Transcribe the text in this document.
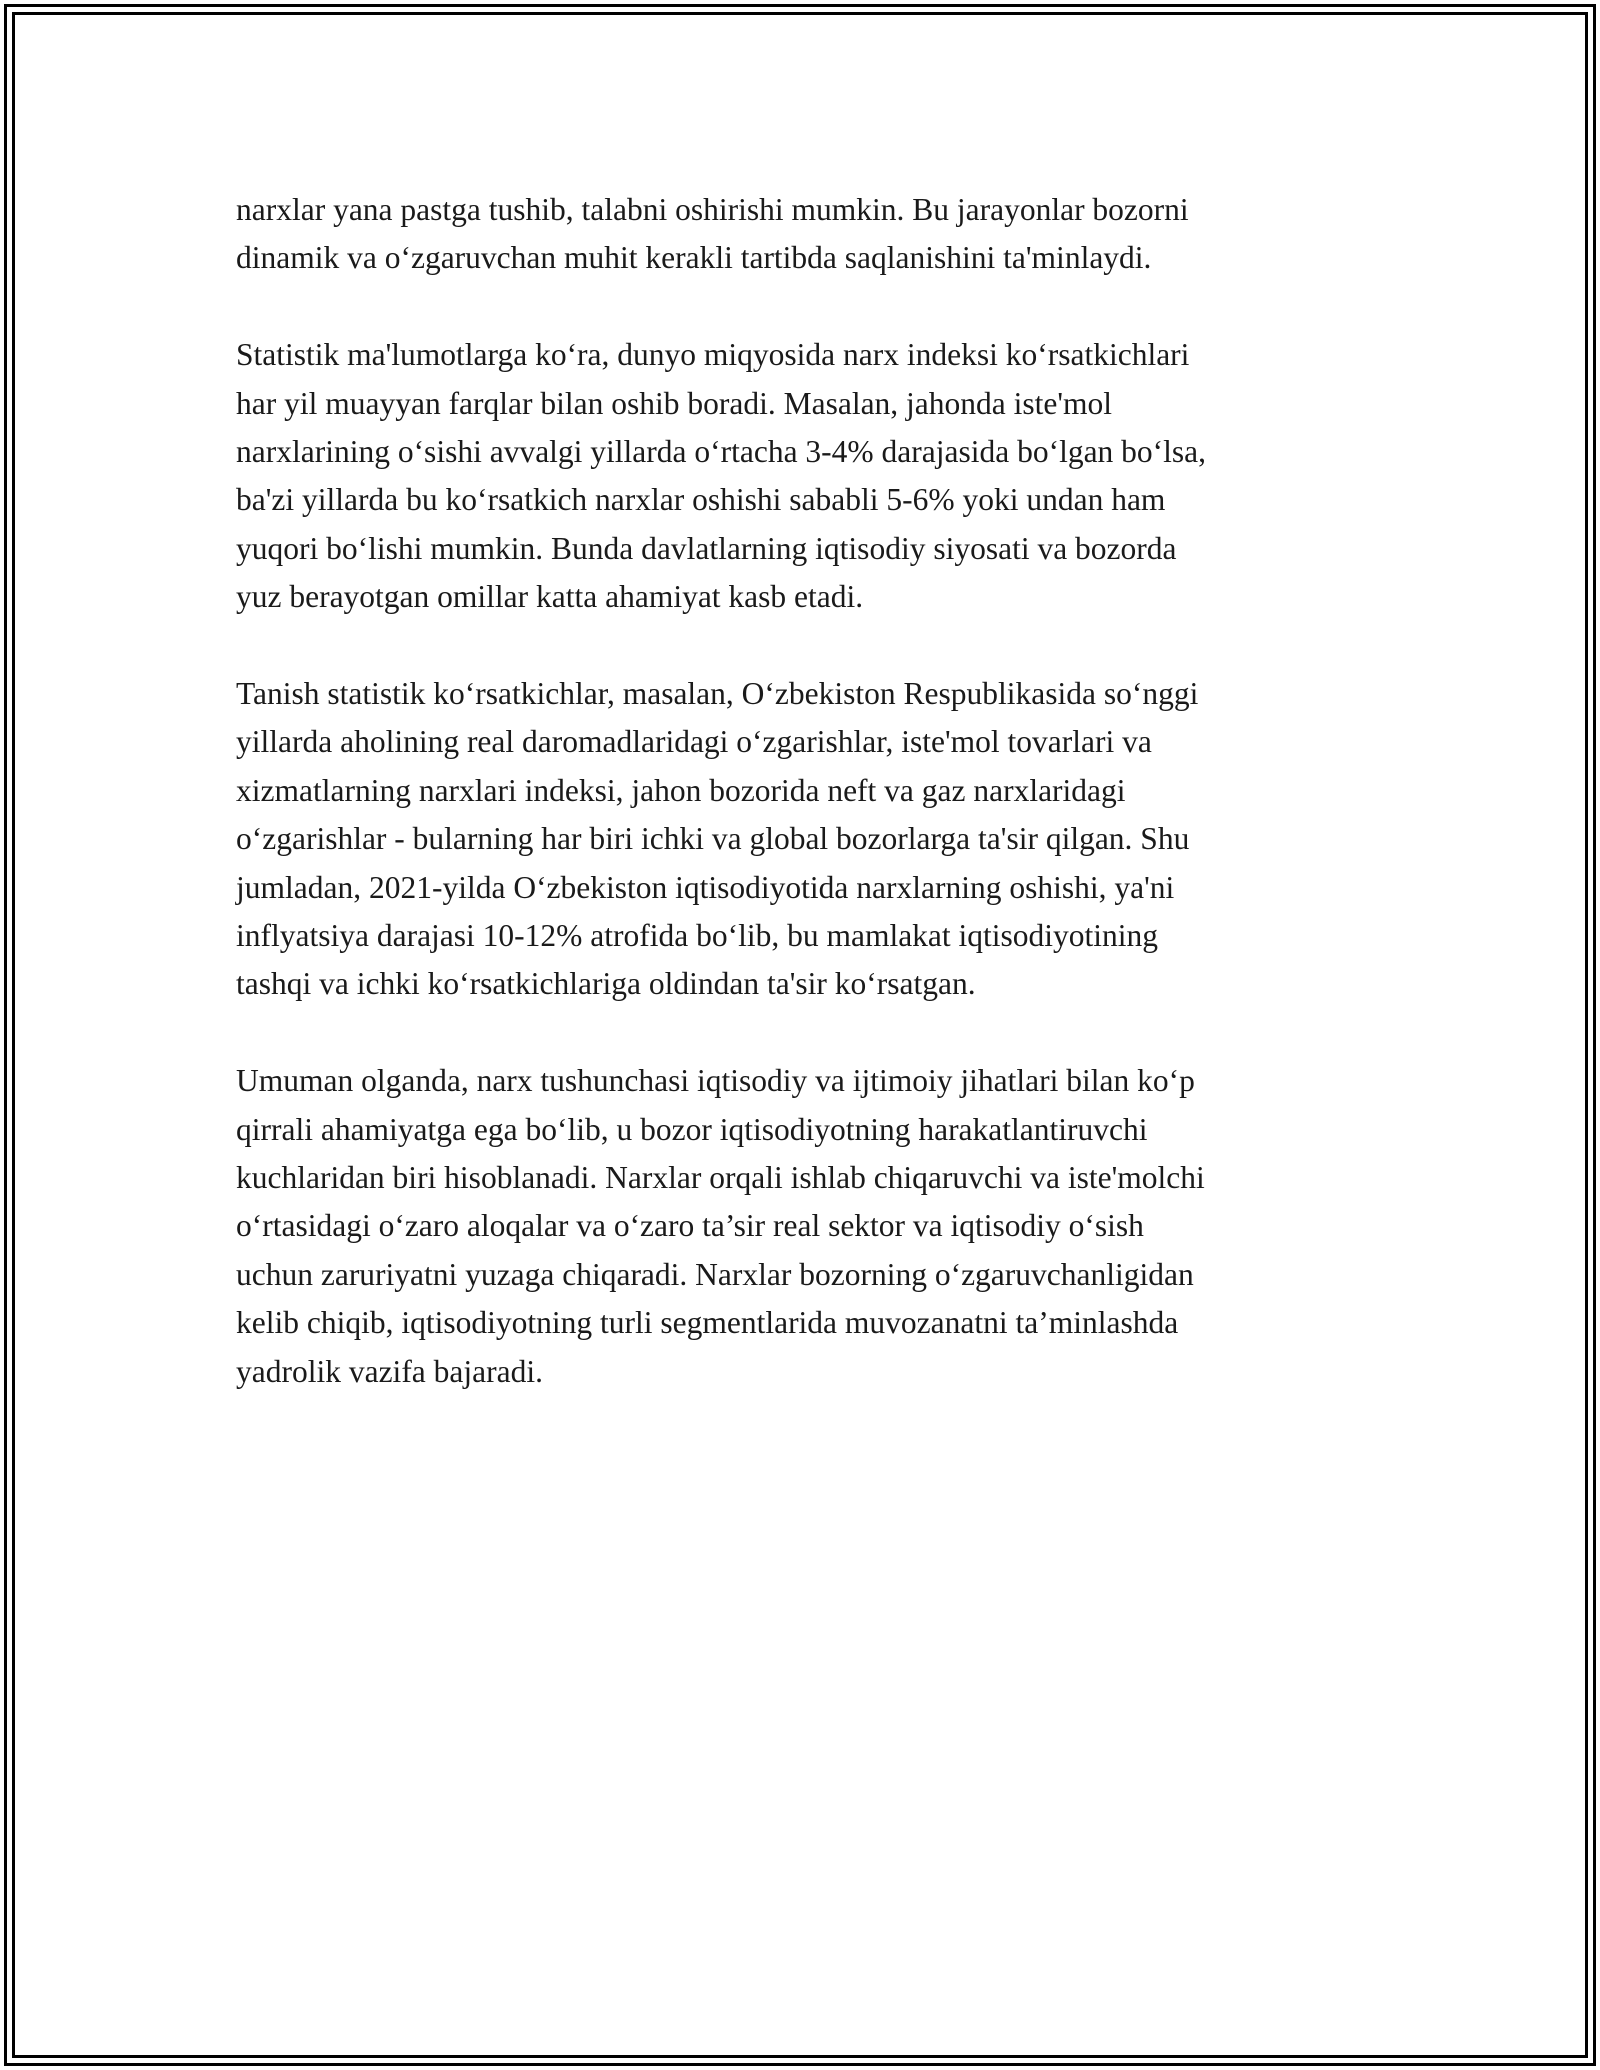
narxlar yana pastga tushib, talabni oshirishi mumkin. Bu jarayonlar bozorni
dinamik va o‘zgaruvchan muhit kerakli tartibda saqlanishini ta'minlaydi.

Statistik ma'lumotlarga ko‘ra, dunyo miqyosida narx indeksi ko‘rsatkichlari
har yil muayyan farqlar bilan oshib boradi. Masalan, jahonda iste'mol
narxlarining o‘sishi avvalgi yillarda o‘rtacha 3-4% darajasida bo‘lgan bo‘lsa,
ba'zi yillarda bu ko‘rsatkich narxlar oshishi sababli 5-6% yoki undan ham
yuqori bo‘lishi mumkin. Bunda davlatlarning iqtisodiy siyosati va bozorda
yuz berayotgan omillar katta ahamiyat kasb etadi.

Tanish statistik ko‘rsatkichlar, masalan, O‘zbekiston Respublikasida so‘nggi
yillarda aholining real daromadlaridagi o‘zgarishlar, iste'mol tovarlari va
xizmatlarning narxlari indeksi, jahon bozorida neft va gaz narxlaridagi
o‘zgarishlar - bularning har biri ichki va global bozorlarga ta'sir qilgan. Shu
jumladan, 2021-yilda O‘zbekiston iqtisodiyotida narxlarning oshishi, ya'ni
inflyatsiya darajasi 10-12% atrofida bo‘lib, bu mamlakat iqtisodiyotining
tashqi va ichki ko‘rsatkichlariga oldindan ta'sir ko‘rsatgan.

Umuman olganda, narx tushunchasi iqtisodiy va ijtimoiy jihatlari bilan ko‘p
qirrali ahamiyatga ega bo‘lib, u bozor iqtisodiyotning harakatlantiruvchi
kuchlaridan biri hisoblanadi. Narxlar orqali ishlab chiqaruvchi va iste'molchi
o‘rtasidagi o‘zaro aloqalar va o‘zaro ta’sir real sektor va iqtisodiy o‘sish
uchun zaruriyatni yuzaga chiqaradi. Narxlar bozorning o‘zgaruvchanligidan
kelib chiqib, iqtisodiyotning turli segmentlarida muvozanatni ta’minlashda
yadrolik vazifa bajaradi.
